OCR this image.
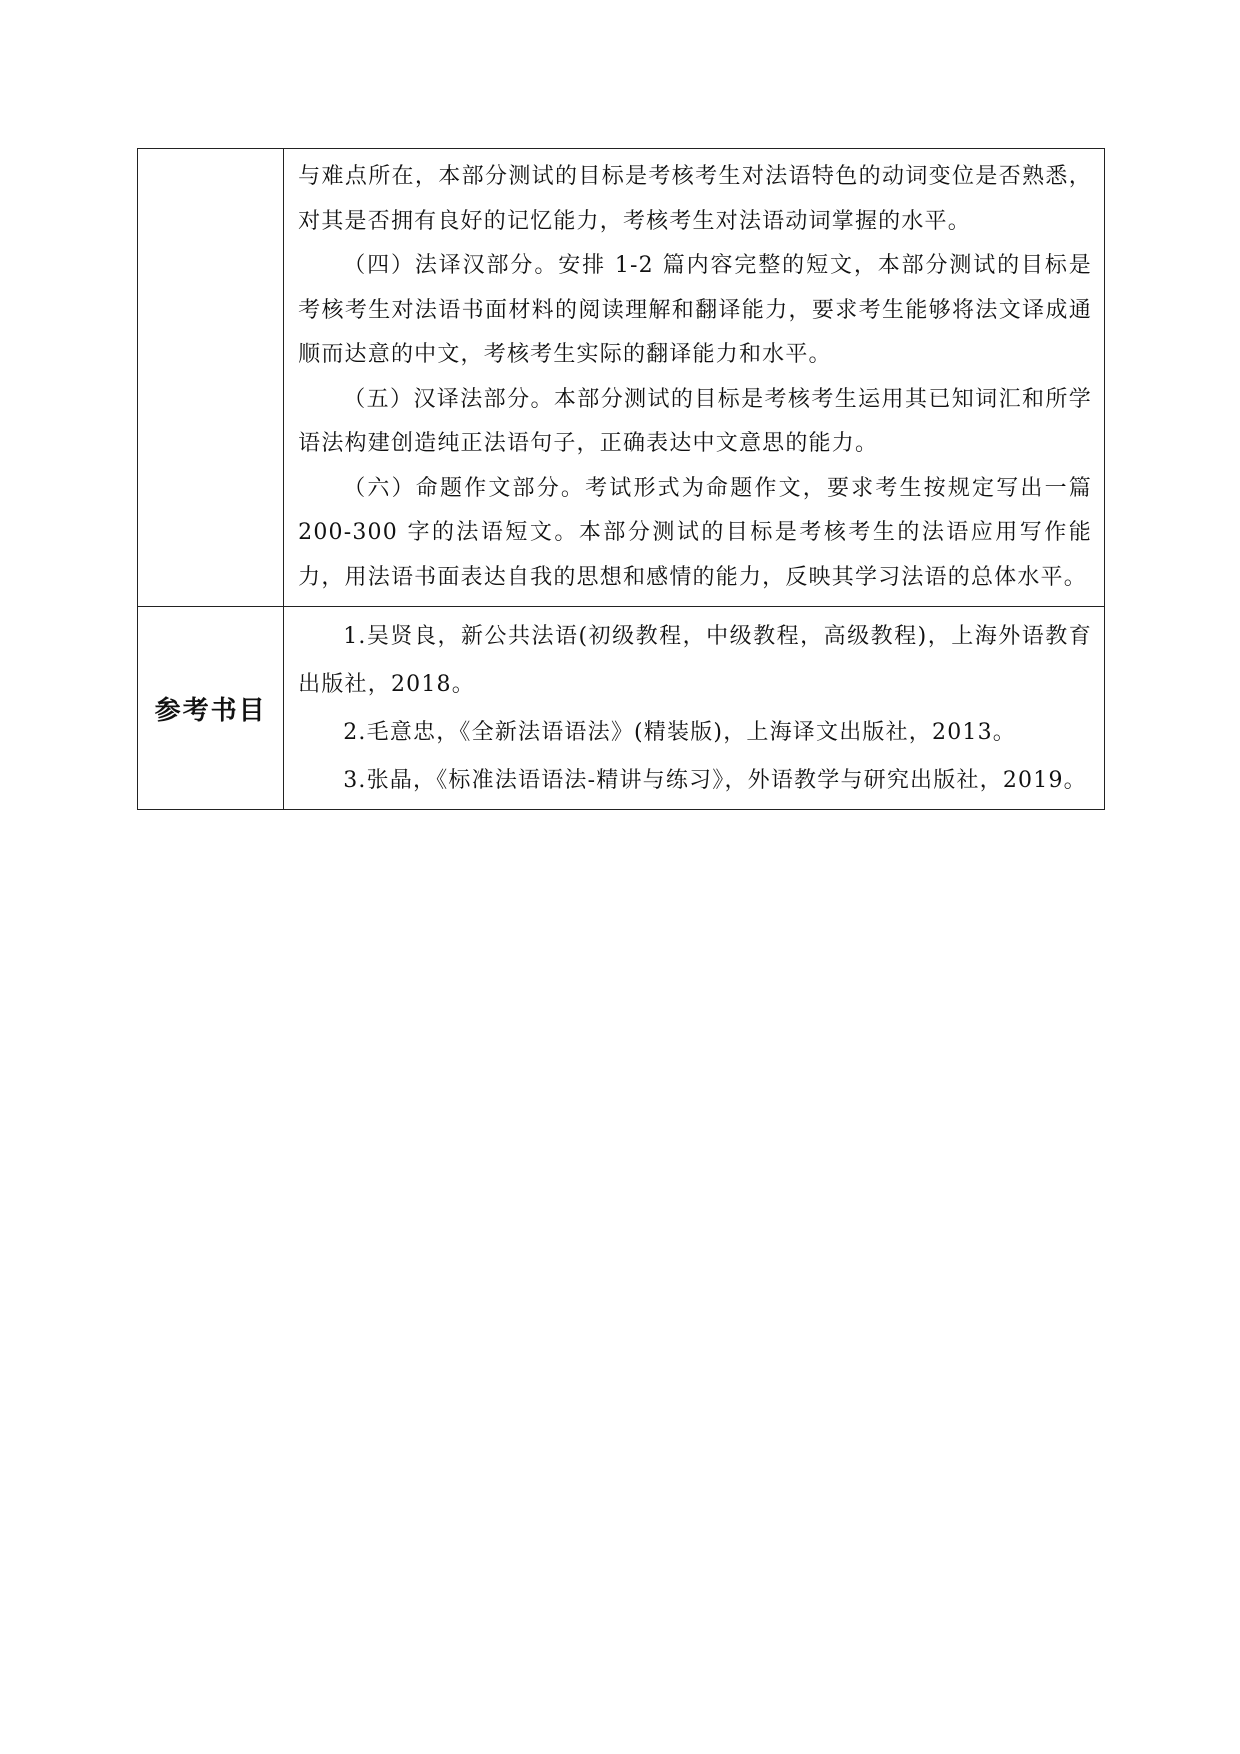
	与难点所在，本部分测试的目标是考核考生对法语特色的动词变位是否熟悉，对其是否拥有良好的记忆能力，考核考生对法语动词掌握的水平。

（四）法译汉部分。安排 1-2 篇内容完整的短文，本部分测试的目标是考核考生对法语书面材料的阅读理解和翻译能力，要求考生能够将法文译成通顺而达意的中文，考核考生实际的翻译能力和水平。

（五）汉译法部分。本部分测试的目标是考核考生运用其已知词汇和所学语法构建创造纯正法语句子，正确表达中文意思的能力。

（六）命题作文部分。考试形式为命题作文，要求考生按规定写出一篇 200-300 字的法语短文。本部分测试的目标是考核考生的法语应用写作能力，用法语书面表达自我的思想和感情的能力，反映其学习法语的总体水平。

参考书目	1.吴贤良，新公共法语(初级教程，中级教程，高级教程)，上海外语教育出版社，2018。

2.毛意忠，《全新法语语法》(精装版)，上海译文出版社，2013。

3.张晶，《标准法语语法-精讲与练习》，外语教学与研究出版社，2019。
